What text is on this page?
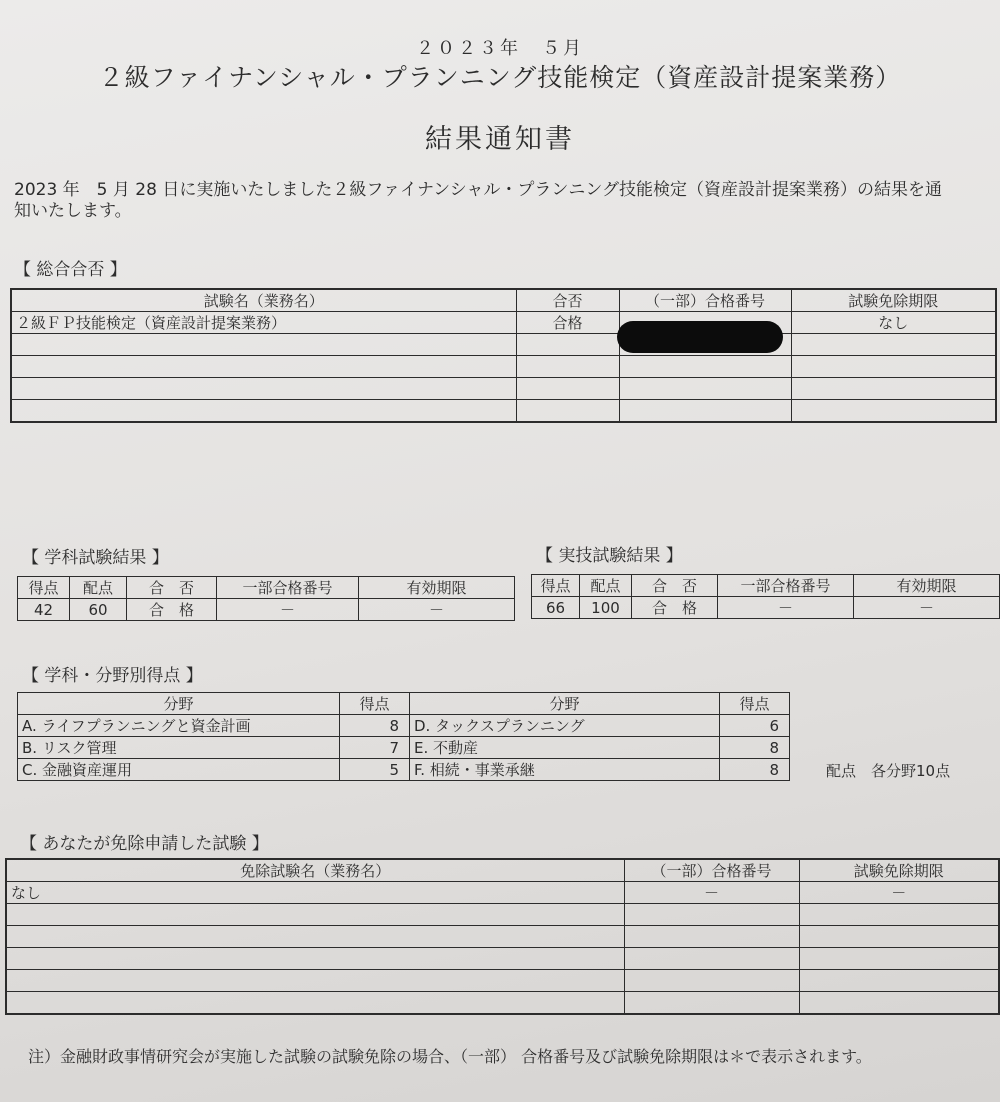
２０２３年　５月
２級ファイナンシャル・プランニング技能検定（資産設計提案業務）
結果通知書
2023 年　5 月 28 日に実施いたしました２級ファイナンシャル・プランニング技能検定（資産設計提案業務）の結果を通知いたします。
【 総合合否 】
試験名（業務名）	合否	（一部）合格番号	試験免除期限
２級ＦＰ技能検定（資産設計提案業務）	合格		なし

【 学科試験結果 】
得点	配点	合　否	一部合格番号	有効期限
42	60	合　格	－	－
【 実技試験結果 】
得点	配点	合　否	一部合格番号	有効期限
66	100	合　格	－	－
【 学科・分野別得点 】
分野	得点	分野	得点
A. ライフプランニングと資金計画	8	D. タックスプランニング	6
B. リスク管理	7	E. 不動産	8
C. 金融資産運用	5	F. 相続・事業承継	8	配点　各分野10点
【 あなたが免除申請した試験 】
免除試験名（業務名）	（一部）合格番号	試験免除期限
なし	－	－

注）金融財政事情研究会が実施した試験の試験免除の場合、（一部） 合格番号及び試験免除期限は＊で表示されます。
